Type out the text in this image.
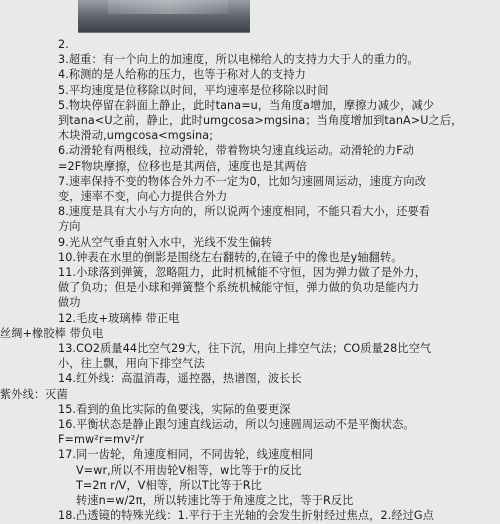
2.
3.超重：有一个向上的加速度，所以电梯给人的支持力大于人的重力的。
4.称测的是人给称的压力，也等于称对人的支持力
5.平均速度是位移除以时间，平均速率是位移除以时间
5.物块停留在斜面上静止，此时tana=u，当角度a增加，摩擦力减少，减少
到tana<U之前，静止，此时umgcosa>mgsina；当角度增加到tanA>U之后，
木块滑动,umgcosa<mgsina;
6.动滑轮有两根线，拉动滑轮，带着物块匀速直线运动。动滑轮的力F动
=2F物块摩擦，位移也是其两倍，速度也是其两倍
7.速率保持不变的物体合外力不一定为0，比如匀速圆周运动，速度方向改
变，速率不变，向心力提供合外力
8.速度是具有大小与方向的，所以说两个速度相同，不能只看大小，还要看
方向
9.光从空气垂直射入水中，光线不发生偏转
10.钟表在水里的倒影是围绕左右翻转的,在镜子中的像也是y轴翻转。
11.小球落到弹簧，忽略阻力，此时机械能不守恒，因为弹力做了是外力，
做了负功；但是小球和弹簧整个系统机械能守恒，弹力做的负功是能内力
做功
12.毛皮+玻璃棒 带正电
丝绸+橡胶棒 带负电
13.CO2质量44比空气29大，往下沉，用向上排空气法；CO质量28比空气
小，往上飘，用向下排空气法
14.红外线：高温消毒，遥控器，热谱图，波长长
紫外线：灭菌
15.看到的鱼比实际的鱼要浅，实际的鱼要更深
16.平衡状态是静止跟匀速直线运动，所以匀速圆周运动不是平衡状态。
F=mw²r=mv²/r
17.同一齿轮，角速度相同，不同齿轮，线速度相同
V=wr,所以不用齿轮V相等，w比等于r的反比
T=2π r/V，V相等，所以T比等于R比
转速n=w/2π，所以转速比等于角速度之比，等于R反比
18.凸透镜的特殊光线：1.平行于主光轴的会发生折射经过焦点，2.经过G点
